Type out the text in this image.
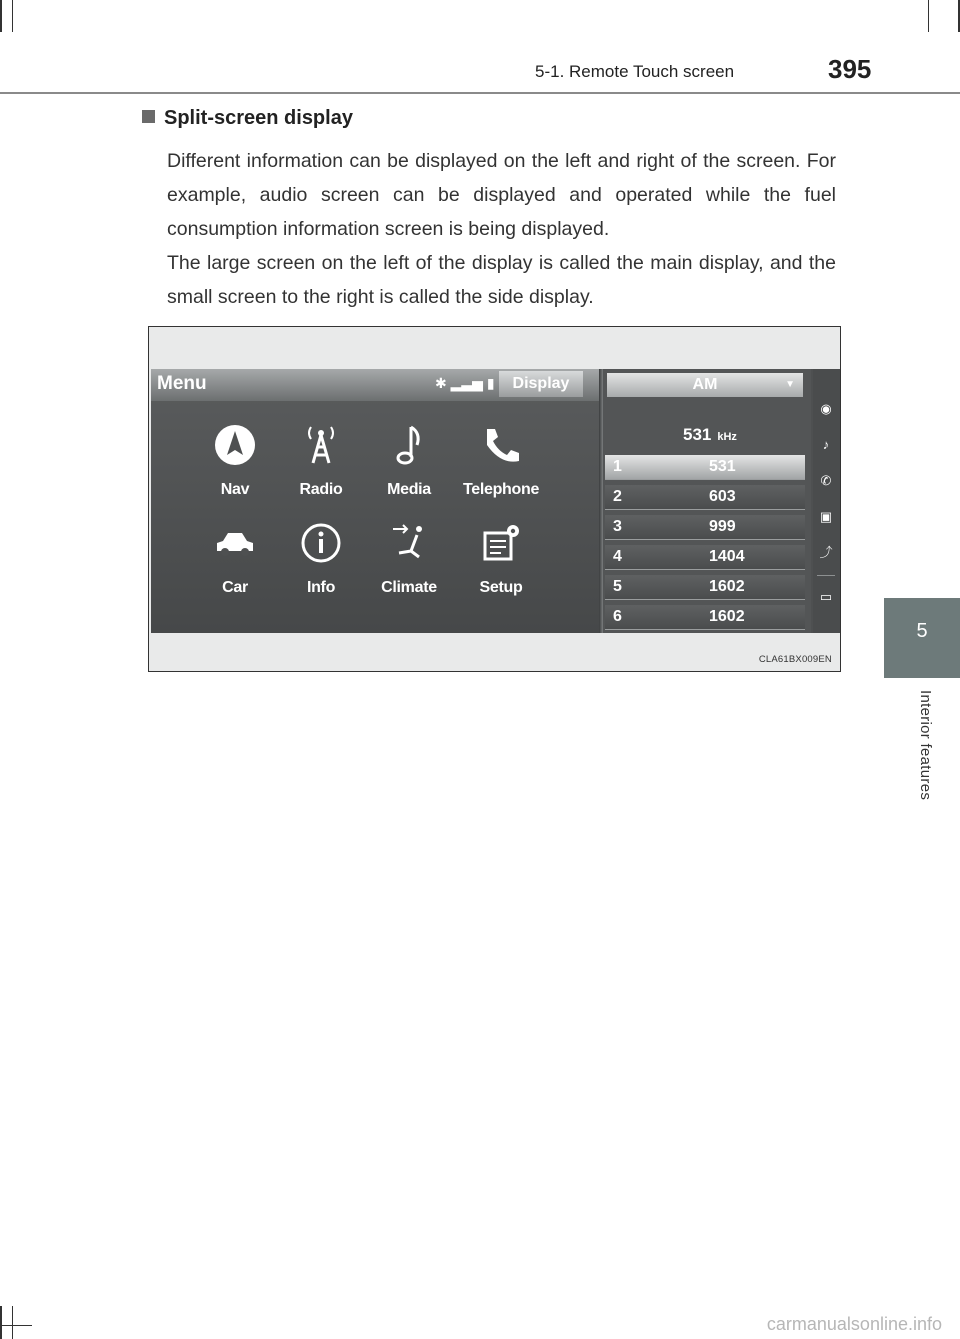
5-1. Remote Touch screen	395
5
Interior features
Split-screen display

Different information can be displayed on the left and right of the screen. For example, audio screen can be displayed and operated while the fuel consumption information screen is being displayed.

The large screen on the left of the display is called the main display, and the small screen to the right is called the side display.

Menu	✱ ▂▃▅ ▮	Display
Nav	Radio	Media	Telephone
Car	Info	Climate	Setup
AM	▼
531 kHz
1	531
2	603
3	999
4	1404
5	1602
6	1602
◉
♪
✆
▣
⤴
▭
CLA61BX009EN
carmanualsonline.info
